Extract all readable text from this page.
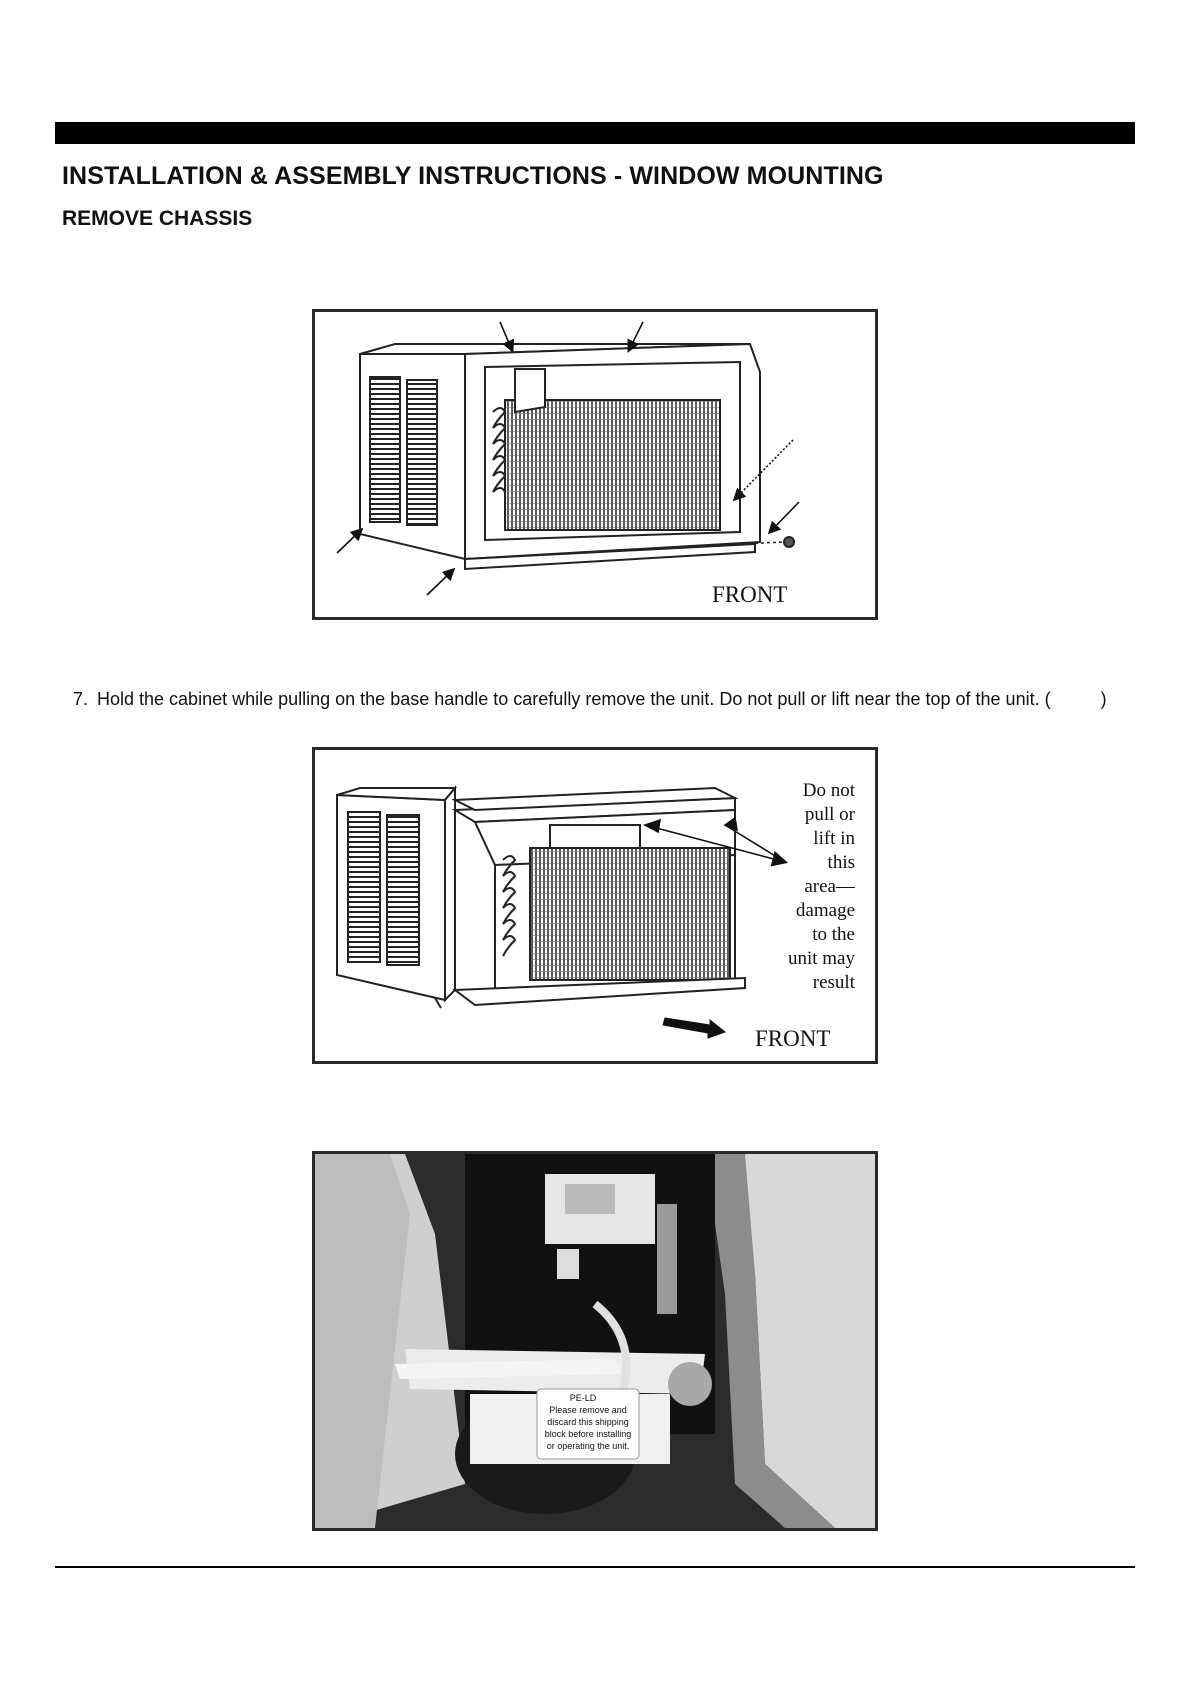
INSTALLATION & ASSEMBLY INSTRUCTIONS - WINDOW MOUNTING
REMOVE CHASSIS
FRONT
7. Hold the cabinet while pulling on the base handle to carefully remove the unit. Do not pull or lift near the top of the unit. (          )
FRONT
Do not
pull or
lift in
this
area—
damage
to the
unit may
result
PE-LD
Please remove and
discard this shipping
block before installing
or operating the unit.
